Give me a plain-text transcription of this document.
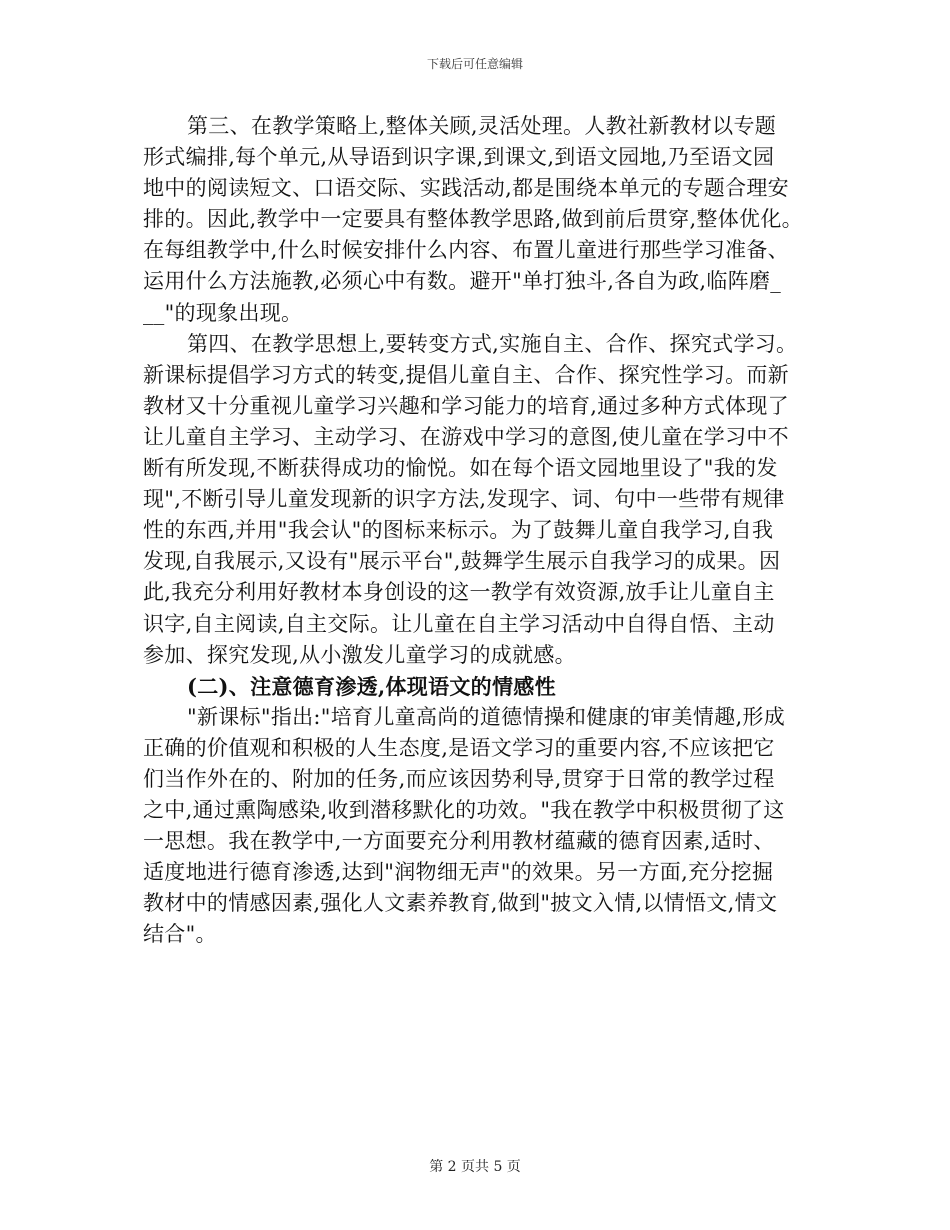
下载后可任意编辑
第三、在教学策略上,整体关顾,灵活处理。人教社新教材以专题
形式编排,每个单元,从导语到识字课,到课文,到语文园地,乃至语文园
地中的阅读短文、口语交际、实践活动,都是围绕本单元的专题合理安
排的。因此,教学中一定要具有整体教学思路,做到前后贯穿,整体优化。
在每组教学中,什么时候安排什么内容、布置儿童进行那些学习准备、
运用什么方法施教,必须心中有数。避开"单打独斗,各自为政,临阵磨_
__"的现象出现。
第四、在教学思想上,要转变方式,实施自主、合作、探究式学习。
新课标提倡学习方式的转变,提倡儿童自主、合作、探究性学习。而新
教材又十分重视儿童学习兴趣和学习能力的培育,通过多种方式体现了
让儿童自主学习、主动学习、在游戏中学习的意图,使儿童在学习中不
断有所发现,不断获得成功的愉悦。如在每个语文园地里设了"我的发
现",不断引导儿童发现新的识字方法,发现字、词、句中一些带有规律
性的东西,并用"我会认"的图标来标示。为了鼓舞儿童自我学习,自我
发现,自我展示,又设有"展示平台",鼓舞学生展示自我学习的成果。因
此,我充分利用好教材本身创设的这一教学有效资源,放手让儿童自主
识字,自主阅读,自主交际。让儿童在自主学习活动中自得自悟、主动
参加、探究发现,从小激发儿童学习的成就感。
(二)、注意德育渗透,体现语文的情感性
"新课标"指出:"培育儿童高尚的道德情操和健康的审美情趣,形成
正确的价值观和积极的人生态度,是语文学习的重要内容,不应该把它
们当作外在的、附加的任务,而应该因势利导,贯穿于日常的教学过程
之中,通过熏陶感染,收到潜移默化的功效。"我在教学中积极贯彻了这
一思想。我在教学中,一方面要充分利用教材蕴藏的德育因素,适时、
适度地进行德育渗透,达到"润物细无声"的效果。另一方面,充分挖掘
教材中的情感因素,强化人文素养教育,做到"披文入情,以情悟文,情文
结合"。
第 2 页共 5 页
